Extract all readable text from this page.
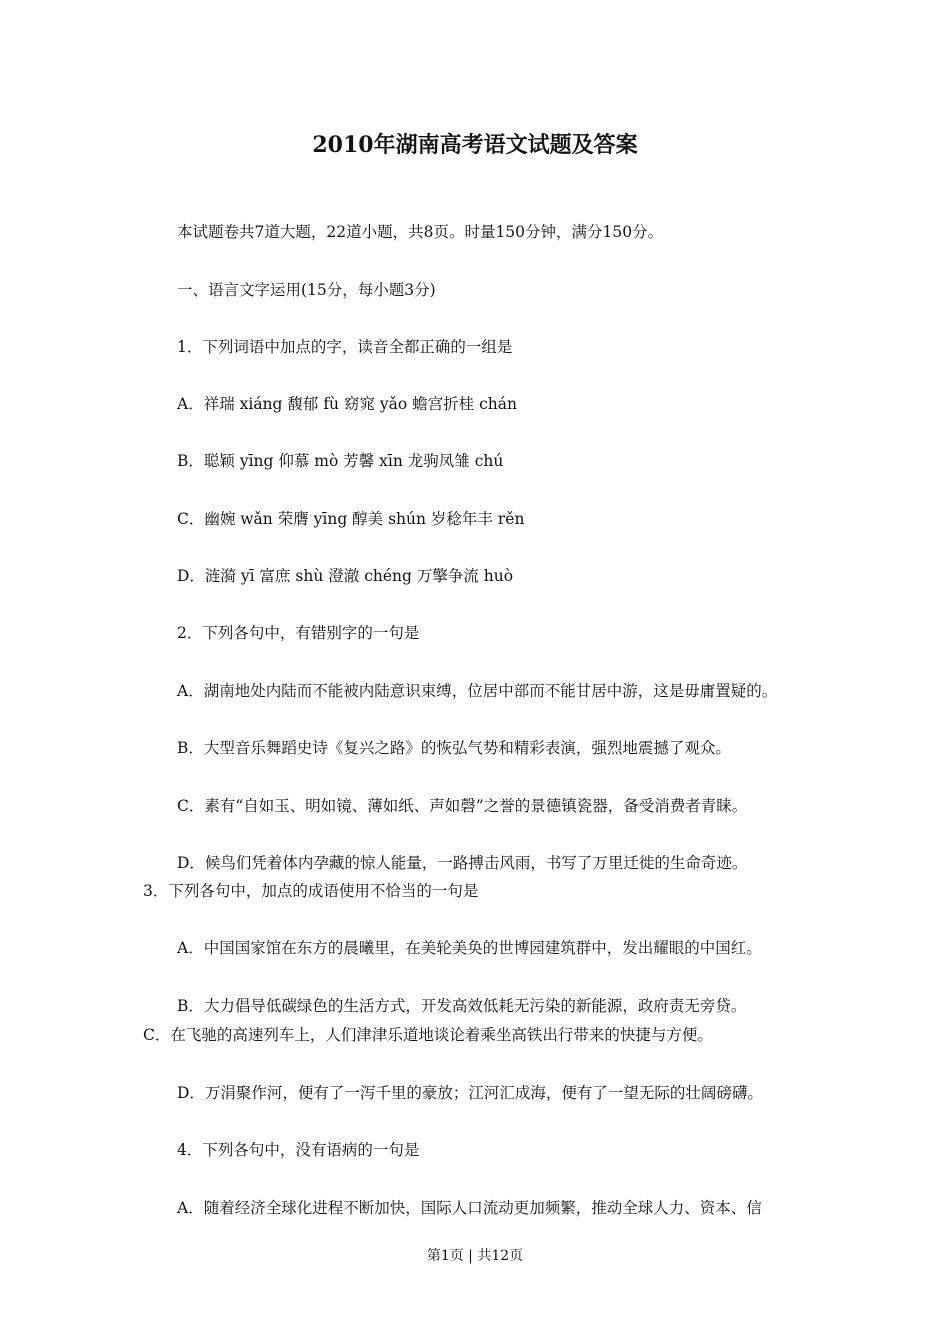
2010年湖南高考语文试题及答案
本试题卷共7道大题，22道小题，共8页。时量150分钟，满分150分。
一、语言文字运用(15分，每小题3分)
1．下列词语中加点的字，读音全都正确的一组是
A．祥瑞 xiáng 馥郁 fù 窈窕 yǎo 蟾宫折桂 chán
B．聪颖 yīng 仰慕 mò 芳馨 xīn 龙驹凤雏 chú
C．幽婉 wǎn 荣膺 yīng 醇美 shún 岁稔年丰 rěn
D．涟漪 yī 富庶 shù 澄澈 chéng 万擎争流 huò
2．下列各句中，有错别字的一句是
A．湖南地处内陆而不能被内陆意识束缚，位居中部而不能甘居中游，这是毋庸置疑的。
B．大型音乐舞蹈史诗《复兴之路》的恢弘气势和精彩表演，强烈地震撼了观众。
C．素有“自如玉、明如镜、薄如纸、声如磬”之誉的景德镇瓷器，备受消费者青睐。
D．候鸟们凭着体内孕藏的惊人能量，一路搏击风雨，书写了万里迁徙的生命奇迹。
3．下列各句中，加点的成语使用不恰当的一句是
A．中国国家馆在东方的晨曦里，在美轮美奂的世博园建筑群中，发出耀眼的中国红。
B．大力倡导低碳绿色的生活方式，开发高效低耗无污染的新能源，政府责无旁贷。
C．在飞驰的高速列车上，人们津津乐道地谈论着乘坐高铁出行带来的快捷与方便。
D．万涓聚作河，便有了一泻千里的豪放；江河汇成海，便有了一望无际的壮阔磅礴。
4．下列各句中，没有语病的一句是
A．随着经济全球化进程不断加快，国际人口流动更加频繁，推动全球人力、资本、信
第1页 | 共12页
